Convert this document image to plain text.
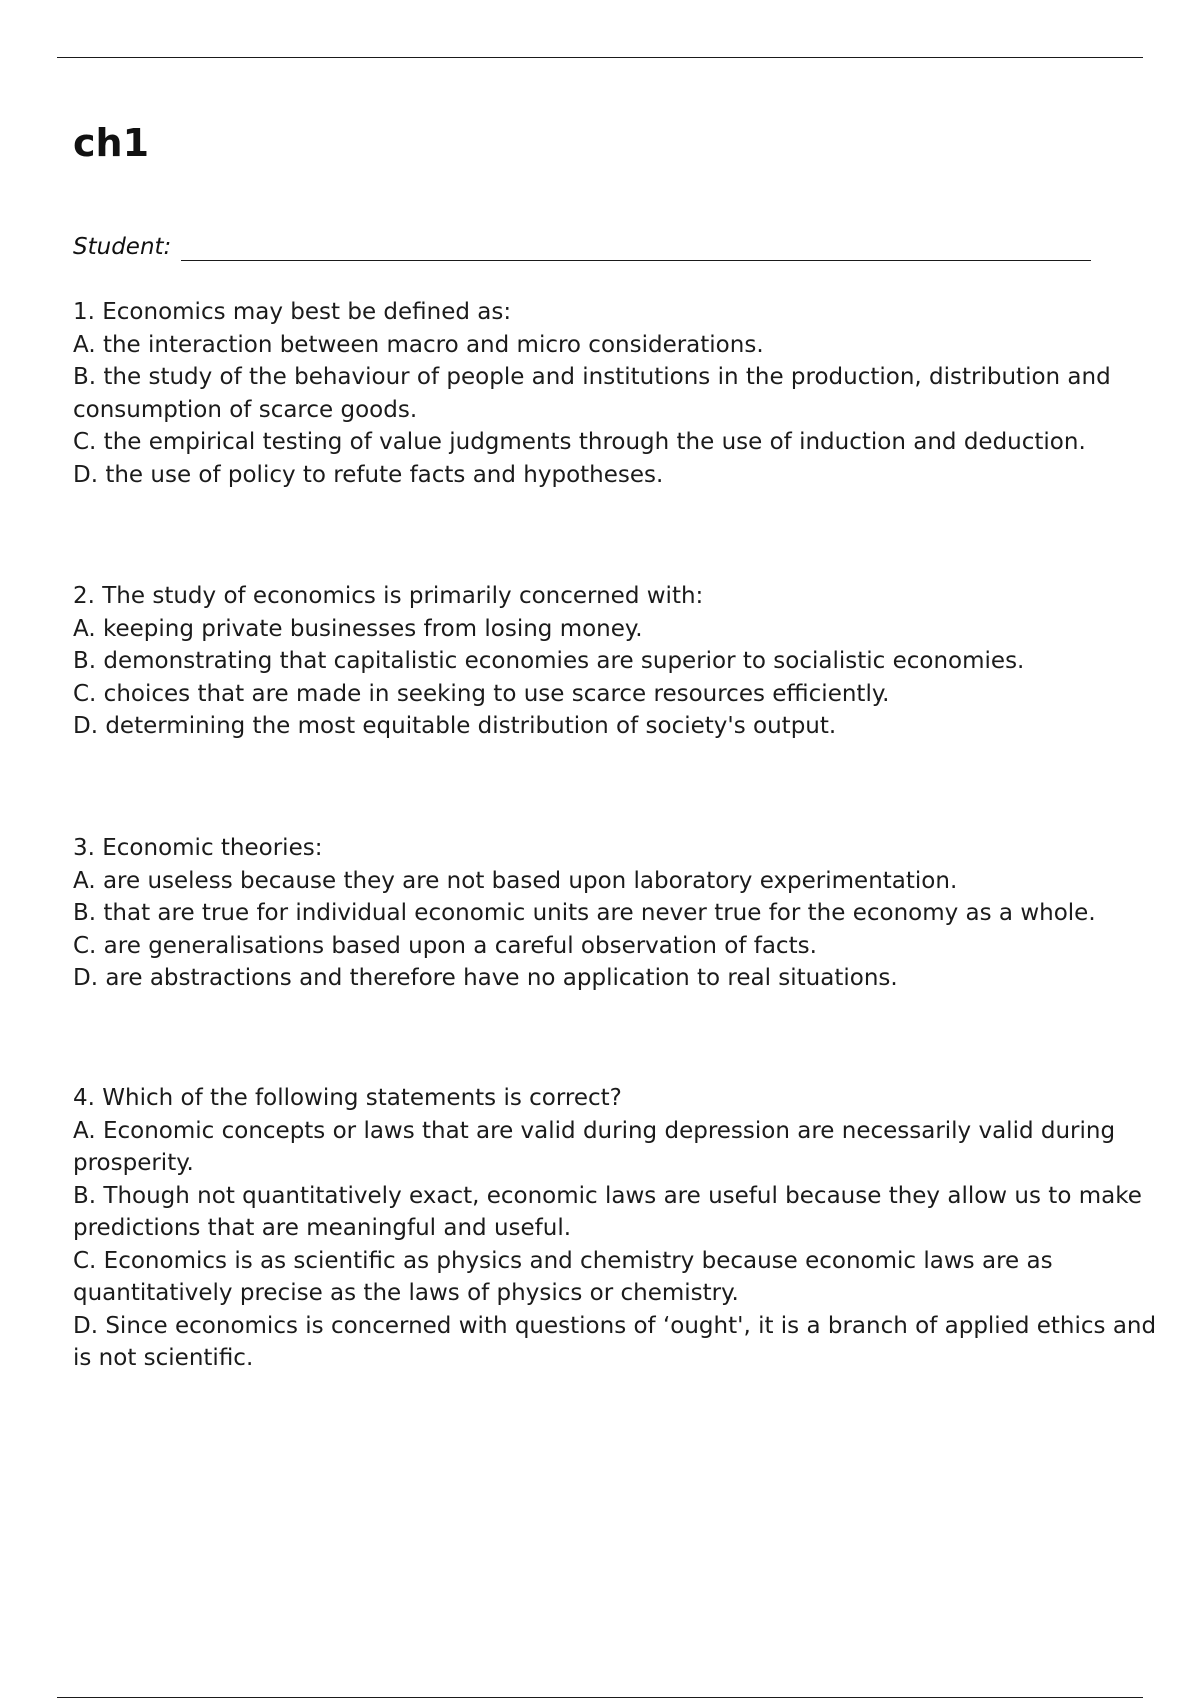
ch1
Student:

1. Economics may best be defined as:

A. the interaction between macro and micro considerations.

B. the study of the behaviour of people and institutions in the production, distribution and consumption of scarce goods.

C. the empirical testing of value judgments through the use of induction and deduction.

D. the use of policy to refute facts and hypotheses.

2. The study of economics is primarily concerned with:

A. keeping private businesses from losing money.

B. demonstrating that capitalistic economies are superior to socialistic economies.

C. choices that are made in seeking to use scarce resources efficiently.

D. determining the most equitable distribution of society's output.

3. Economic theories:

A. are useless because they are not based upon laboratory experimentation.

B. that are true for individual economic units are never true for the economy as a whole.

C. are generalisations based upon a careful observation of facts.

D. are abstractions and therefore have no application to real situations.

4. Which of the following statements is correct?

A. Economic concepts or laws that are valid during depression are necessarily valid during prosperity.

B. Though not quantitatively exact, economic laws are useful because they allow us to make predictions that are meaningful and useful.

C. Economics is as scientific as physics and chemistry because economic laws are as quantitatively precise as the laws of physics or chemistry.

D. Since economics is concerned with questions of ‘ought', it is a branch of applied ethics and is not scientific.
